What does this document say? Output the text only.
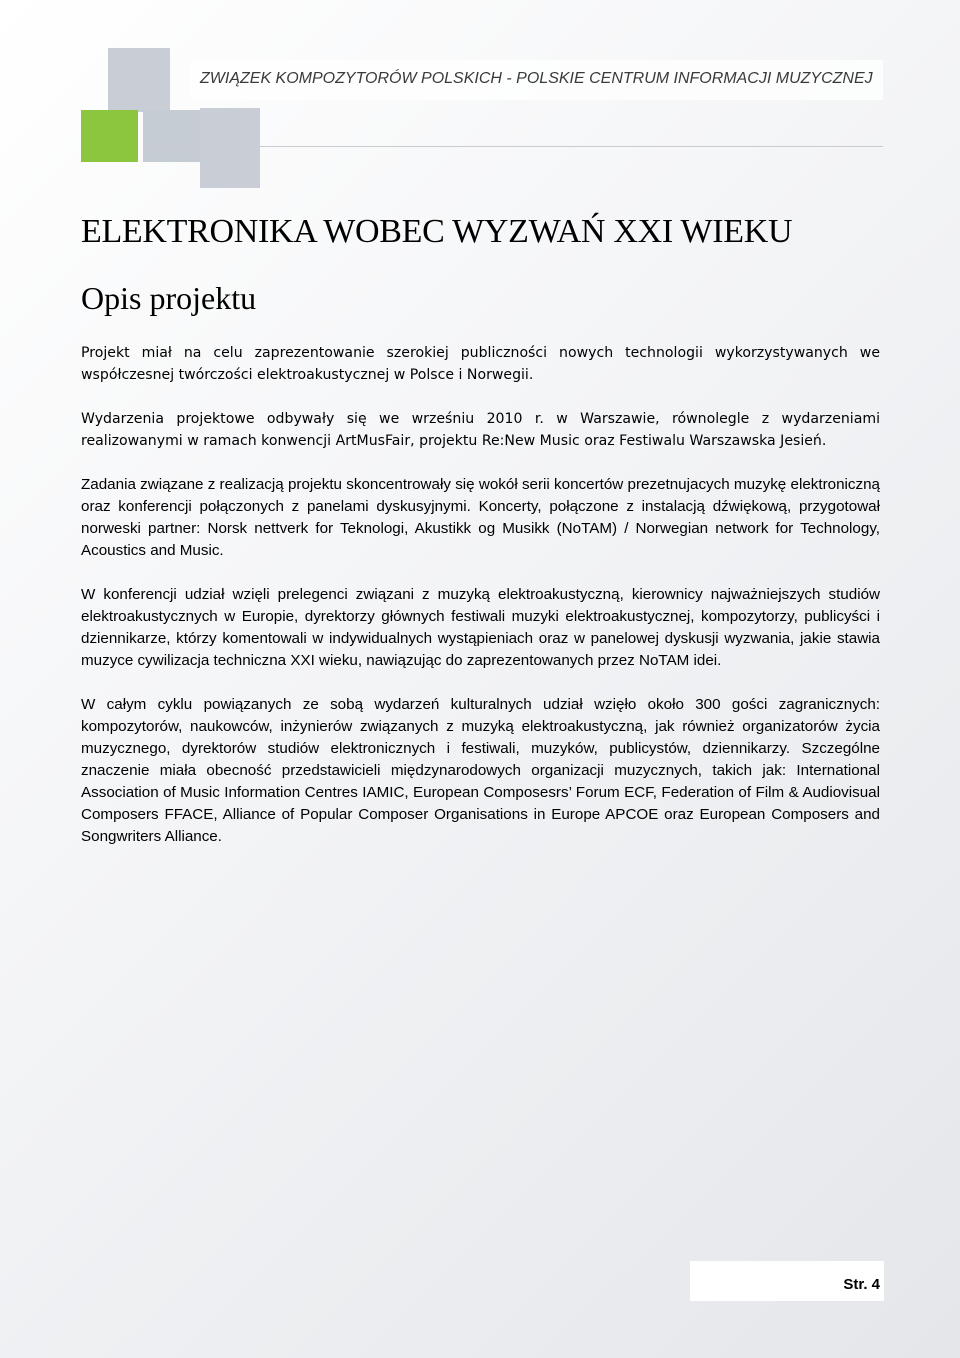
ZWIĄZEK KOMPOZYTORÓW POLSKICH - POLSKIE CENTRUM INFORMACJI MUZYCZNEJ
ELEKTRONIKA WOBEC WYZWAŃ XXI WIEKU
Opis projektu

Projekt miał na celu zaprezentowanie szerokiej publiczności nowych technologii wykorzystywanych we współczesnej twórczości elektroakustycznej w Polsce i Norwegii.

Wydarzenia projektowe odbywały się we wrześniu 2010 r. w Warszawie, równolegle z wydarzeniami realizowanymi w ramach konwencji ArtMusFair, projektu Re:New Music oraz Festiwalu Warszawska Jesień.

Zadania związane z realizacją projektu skoncentrowały się wokół serii koncertów prezetnujacych muzykę elektroniczną oraz konferencji połączonych z panelami dyskusyjnymi. Koncerty, połączone z instalacją dźwiękową, przygotował norweski partner: Norsk nettverk for Teknologi, Akustikk og Musikk (NoTAM) / Norwegian network for Technology, Acoustics and Music.

W konferencji udział wzięli prelegenci związani z muzyką elektroakustyczną, kierownicy najważniejszych studiów elektroakustycznych w Europie, dyrektorzy głównych festiwali muzyki elektroakustycznej, kompozytorzy, publicyści i dziennikarze, którzy komentowali w indywidualnych wystąpieniach oraz w panelowej dyskusji wyzwania, jakie stawia muzyce cywilizacja techniczna XXI wieku, nawiązując do zaprezentowanych przez NoTAM idei.

W całym cyklu powiązanych ze sobą wydarzeń kulturalnych udział wzięło około 300 gości zagranicznych: kompozytorów, naukowców, inżynierów związanych z muzyką elektroakustyczną, jak również organizatorów życia muzycznego, dyrektorów studiów elektronicznych i festiwali, muzyków, publicystów, dziennikarzy. Szczególne znaczenie miała obecność przedstawicieli międzynarodowych organizacji muzycznych, takich jak: International Association of Music Information Centres IAMIC, European Composesrs’ Forum ECF, Federation of Film & Audiovisual Composers FFACE, Alliance of Popular Composer Organisations in Europe APCOE oraz European Composers and Songwriters Alliance.

Str. 4
